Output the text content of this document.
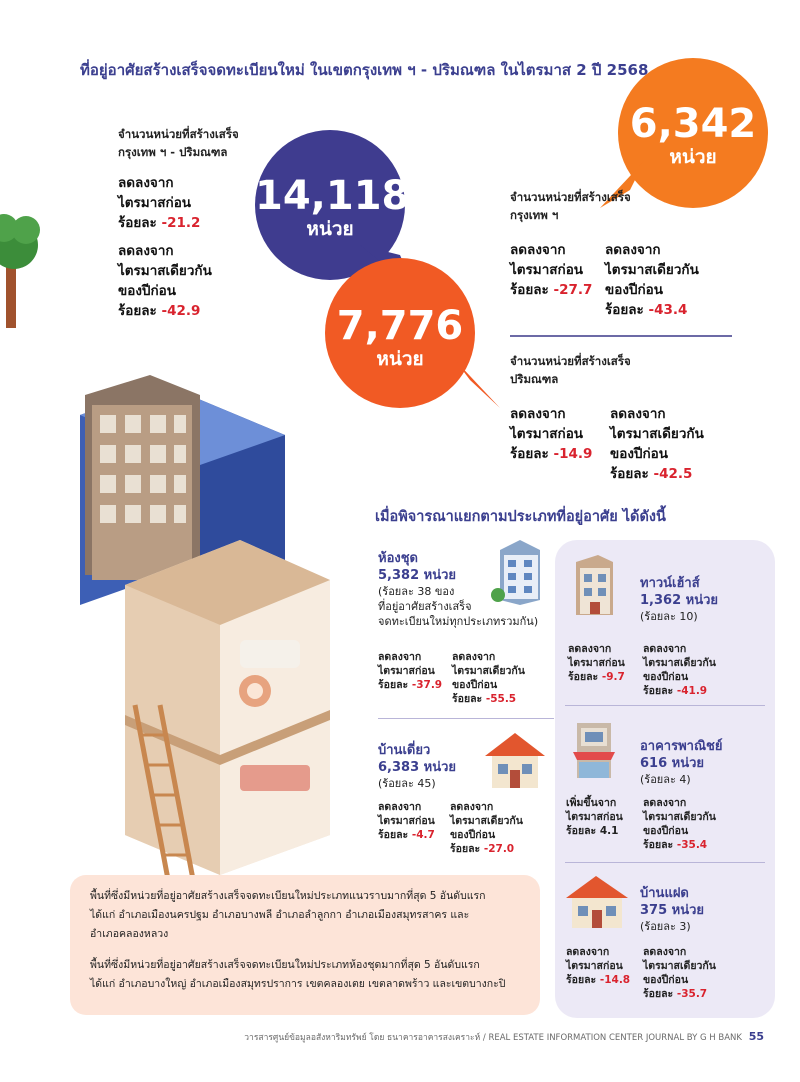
ที่อยู่อาศัยสร้างเสร็จจดทะเบียนใหม่ ในเขตกรุงเทพ ฯ - ปริมณฑล ในไตรมาส 2 ปี 2568
จำนวนหน่วยที่สร้างเสร็จ
กรุงเทพ ฯ - ปริมณฑล
ลดลงจาก
ไตรมาสก่อน
ร้อยละ -21.2
ลดลงจาก
ไตรมาสเดียวกัน
ของปีก่อน
ร้อยละ -42.9
14,118
หน่วย
7,776
หน่วย
6,342
หน่วย
จำนวนหน่วยที่สร้างเสร็จ
กรุงเทพ ฯ
ลดลงจาก
ไตรมาสก่อน
ร้อยละ -27.7
ลดลงจาก
ไตรมาสเดียวกัน
ของปีก่อน
ร้อยละ -43.4
จำนวนหน่วยที่สร้างเสร็จ
ปริมณฑล
ลดลงจาก
ไตรมาสก่อน
ร้อยละ -14.9
ลดลงจาก
ไตรมาสเดียวกัน
ของปีก่อน
ร้อยละ -42.5
เมื่อพิจารณาแยกตามประเภทที่อยู่อาศัย ได้ดังนี้
ห้องชุด
5,382 หน่วย
(ร้อยละ 38 ของ
ที่อยู่อาศัยสร้างเสร็จ
จดทะเบียนใหม่ทุกประเภทรวมกัน)
ลดลงจาก
ไตรมาสก่อน
ร้อยละ -37.9
ลดลงจาก
ไตรมาสเดียวกัน
ของปีก่อน
ร้อยละ -55.5
ทาวน์เฮ้าส์
1,362 หน่วย
(ร้อยละ 10)
ลดลงจาก
ไตรมาสก่อน
ร้อยละ -9.7
ลดลงจาก
ไตรมาสเดียวกัน
ของปีก่อน
ร้อยละ -41.9
บ้านเดี่ยว
6,383 หน่วย
(ร้อยละ 45)
ลดลงจาก
ไตรมาสก่อน
ร้อยละ -4.7
ลดลงจาก
ไตรมาสเดียวกัน
ของปีก่อน
ร้อยละ -27.0
อาคารพาณิชย์
616 หน่วย
(ร้อยละ 4)
เพิ่มขึ้นจาก
ไตรมาสก่อน
ร้อยละ 4.1
ลดลงจาก
ไตรมาสเดียวกัน
ของปีก่อน
ร้อยละ -35.4
บ้านแฝด
375 หน่วย
(ร้อยละ 3)
ลดลงจาก
ไตรมาสก่อน
ร้อยละ -14.8
ลดลงจาก
ไตรมาสเดียวกัน
ของปีก่อน
ร้อยละ -35.7

พื้นที่ซึ่งมีหน่วยที่อยู่อาศัยสร้างเสร็จจดทะเบียนใหม่ประเภทแนวราบมากที่สุด 5 อันดับแรก

ได้แก่ อำเภอเมืองนครปฐม อำเภอบางพลี อำเภอลำลูกกา อำเภอเมืองสมุทรสาคร และ

อำเภอคลองหลวง

พื้นที่ซึ่งมีหน่วยที่อยู่อาศัยสร้างเสร็จจดทะเบียนใหม่ประเภทห้องชุดมากที่สุด 5 อันดับแรก

ได้แก่ อำเภอบางใหญ่ อำเภอเมืองสมุทรปราการ เขตคลองเตย เขตลาดพร้าว และเขตบางกะปิ

วารสารศูนย์ข้อมูลอสังหาริมทรัพย์ โดย ธนาคารอาคารสงเคราะห์ / REAL ESTATE INFORMATION CENTER JOURNAL BY G H BANK 55
